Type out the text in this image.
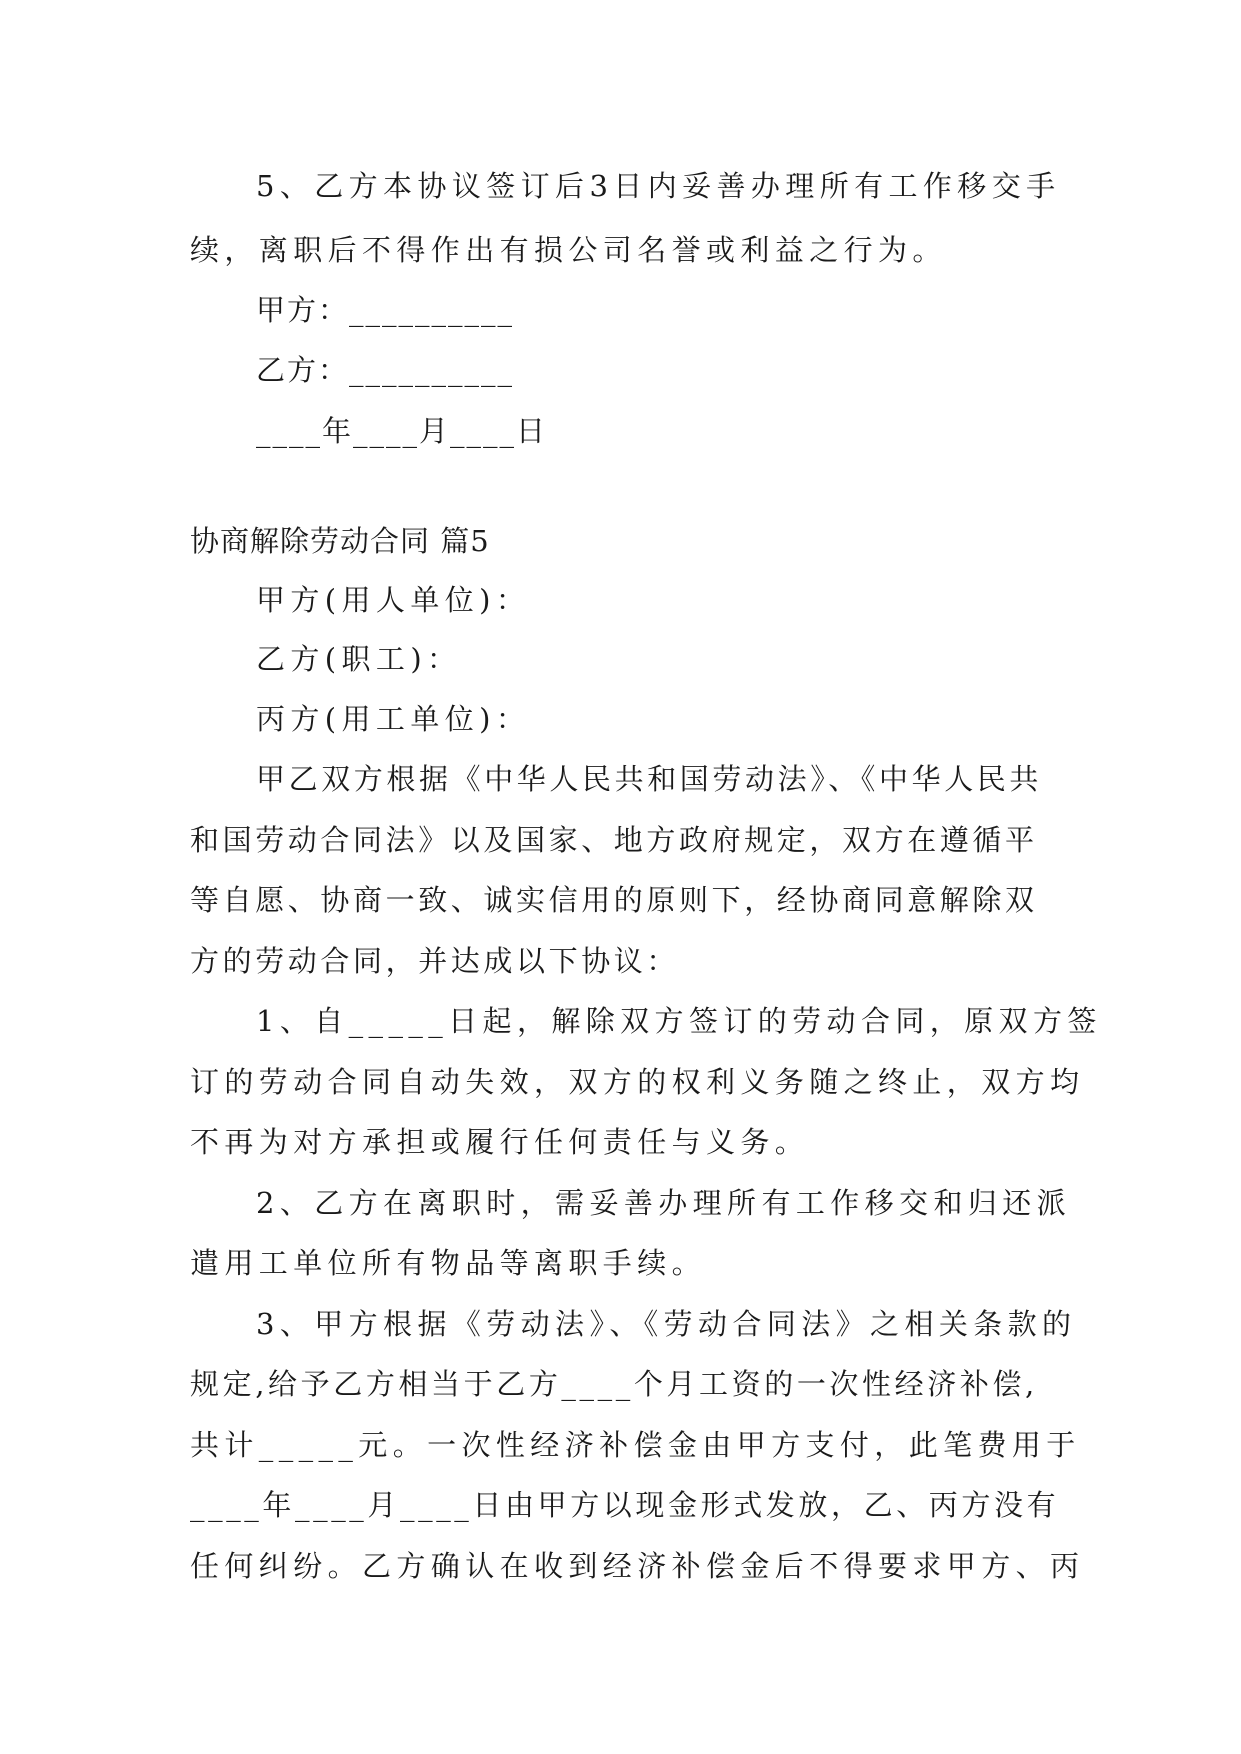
5、乙方本协议签订后3日内妥善办理所有工作移交手
续，离职后不得作出有损公司名誉或利益之行为。
甲方：__________
乙方：__________
____年____月____日
协商解除劳动合同 篇5
甲方(用人单位)：
乙方(职工)：
丙方(用工单位)：
甲乙双方根据《中华人民共和国劳动法》、《中华人民共
和国劳动合同法》以及国家、地方政府规定，双方在遵循平
等自愿、协商一致、诚实信用的原则下，经协商同意解除双
方的劳动合同，并达成以下协议：
1、自_____日起，解除双方签订的劳动合同，原双方签
订的劳动合同自动失效，双方的权利义务随之终止，双方均
不再为对方承担或履行任何责任与义务。
2、乙方在离职时，需妥善办理所有工作移交和归还派
遣用工单位所有物品等离职手续。
3、甲方根据《劳动法》、《劳动合同法》之相关条款的
规定,给予乙方相当于乙方____个月工资的一次性经济补偿,
共计_____元。一次性经济补偿金由甲方支付，此笔费用于
____年____月____日由甲方以现金形式发放，乙、丙方没有
任何纠纷。乙方确认在收到经济补偿金后不得要求甲方、丙
